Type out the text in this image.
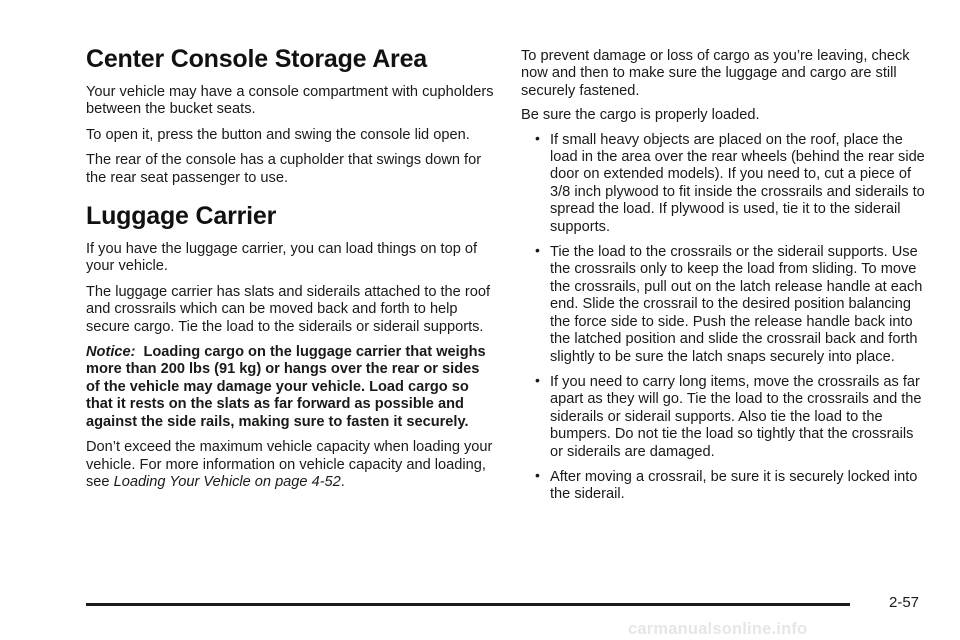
Center Console Storage Area

Your vehicle may have a console compartment with cupholders between the bucket seats.

To open it, press the button and swing the console lid open.

The rear of the console has a cupholder that swings down for the rear seat passenger to use.

Luggage Carrier

If you have the luggage carrier, you can load things on top of your vehicle.

The luggage carrier has slats and siderails attached to the roof and crossrails which can be moved back and forth to help secure cargo. Tie the load to the siderails or siderail supports.

Notice: Loading cargo on the luggage carrier that weighs more than 200 lbs (91 kg) or hangs over the rear or sides of the vehicle may damage your vehicle. Load cargo so that it rests on the slats as far forward as possible and against the side rails, making sure to fasten it securely.

Don’t exceed the maximum vehicle capacity when loading your vehicle. For more information on vehicle capacity and loading, see Loading Your Vehicle on page 4-52.

To prevent damage or loss of cargo as you’re leaving, check now and then to make sure the luggage and cargo are still securely fastened.

Be sure the cargo is properly loaded.

• If small heavy objects are placed on the roof, place the load in the area over the rear wheels (behind the rear side door on extended models). If you need to, cut a piece of 3/8 inch plywood to fit inside the crossrails and siderails to spread the load. If plywood is used, tie it to the siderail supports.
• Tie the load to the crossrails or the siderail supports. Use the crossrails only to keep the load from sliding. To move the crossrails, pull out on the latch release handle at each end. Slide the crossrail to the desired position balancing the force side to side. Push the release handle back into the latched position and slide the crossrail back and forth slightly to be sure the latch snaps securely into place.
• If you need to carry long items, move the crossrails as far apart as they will go. Tie the load to the crossrails and the siderails or siderail supports. Also tie the load to the bumpers. Do not tie the load so tightly that the crossrails or siderails are damaged.
• After moving a crossrail, be sure it is securely locked into the siderail.
2-57
carmanualsonline.info
